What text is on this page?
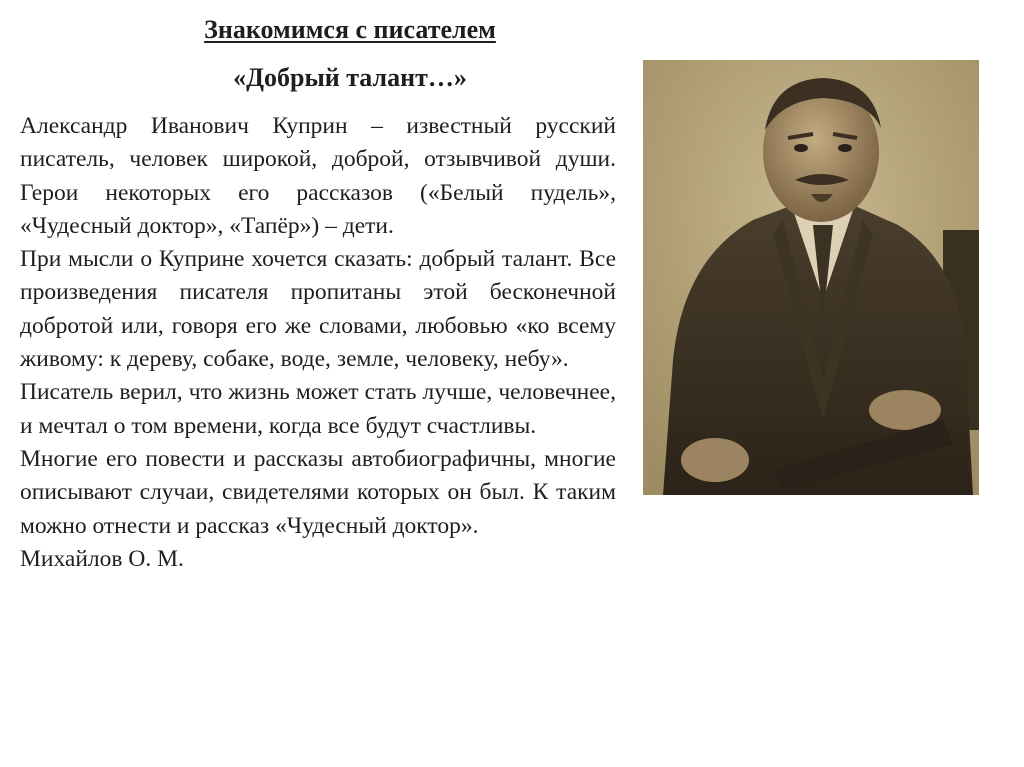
Знакомимся с писателем
«Добрый талант…»

Александр Иванович Куприн – известный русский писатель, человек широкой, доброй, отзывчивой души. Герои некоторых его рассказов («Белый пудель», «Чудесный доктор», «Тапёр») – дети.

При мысли о Куприне хочется сказать: добрый талант. Все произведения писателя пропитаны этой бесконечной добротой или, говоря его же словами, любовью «ко всему живому: к дереву, собаке, воде, земле, человеку, небу».

Писатель верил, что жизнь может стать лучше, человечнее, и мечтал о том времени, когда все будут счастливы.

Многие его повести и рассказы автобиографичны, многие описывают случаи, свидетелями которых он был. К таким можно отнести и рассказ «Чудесный доктор».

Михайлов О. М.
